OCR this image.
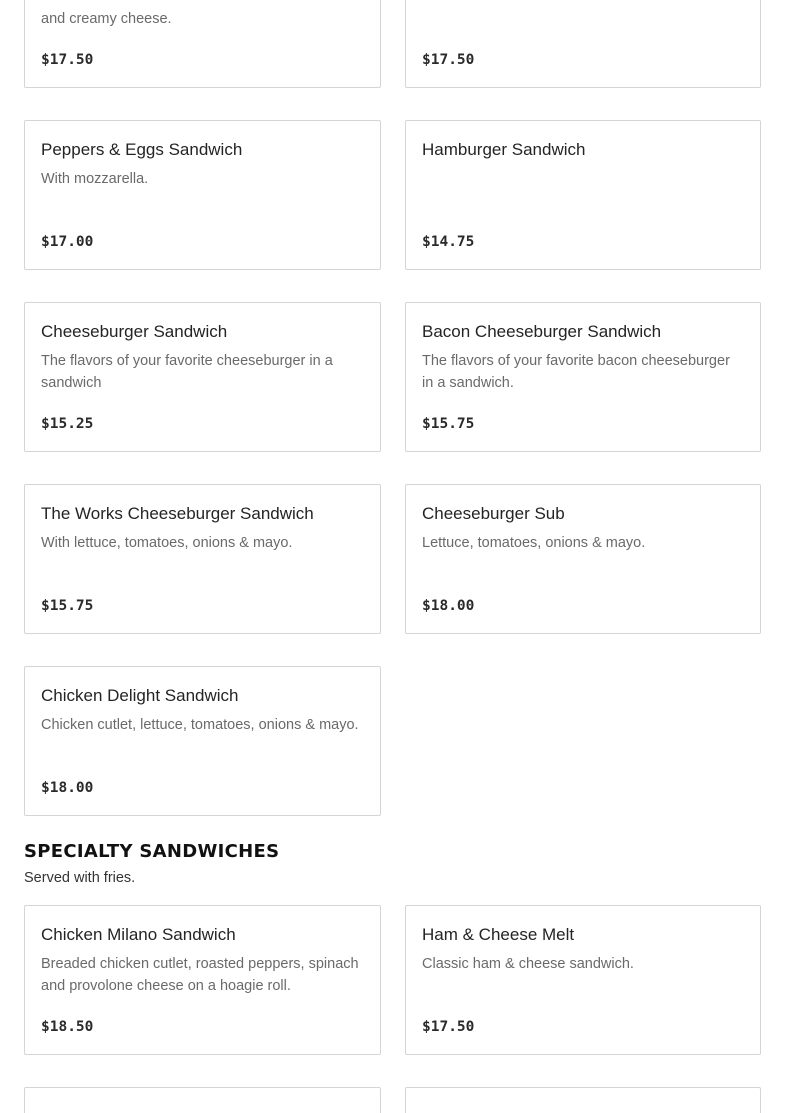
and creamy cheese.
$17.50	$17.50
Peppers & Eggs Sandwich
With mozzarella.
$17.00
Hamburger Sandwich
$14.75
Cheeseburger Sandwich
The flavors of your favorite cheeseburger in a sandwich
$15.25
Bacon Cheeseburger Sandwich
The flavors of your favorite bacon cheeseburger in a sandwich.
$15.75
The Works Cheeseburger Sandwich
With lettuce, tomatoes, onions & mayo.
$15.75
Cheeseburger Sub
Lettuce, tomatoes, onions & mayo.
$18.00
Chicken Delight Sandwich
Chicken cutlet, lettuce, tomatoes, onions & mayo.
$18.00
SPECIALTY SANDWICHES
Served with fries.
Chicken Milano Sandwich
Breaded chicken cutlet, roasted peppers, spinach and provolone cheese on a hoagie roll.
$18.50
Ham & Cheese Melt
Classic ham & cheese sandwich.
$17.50
